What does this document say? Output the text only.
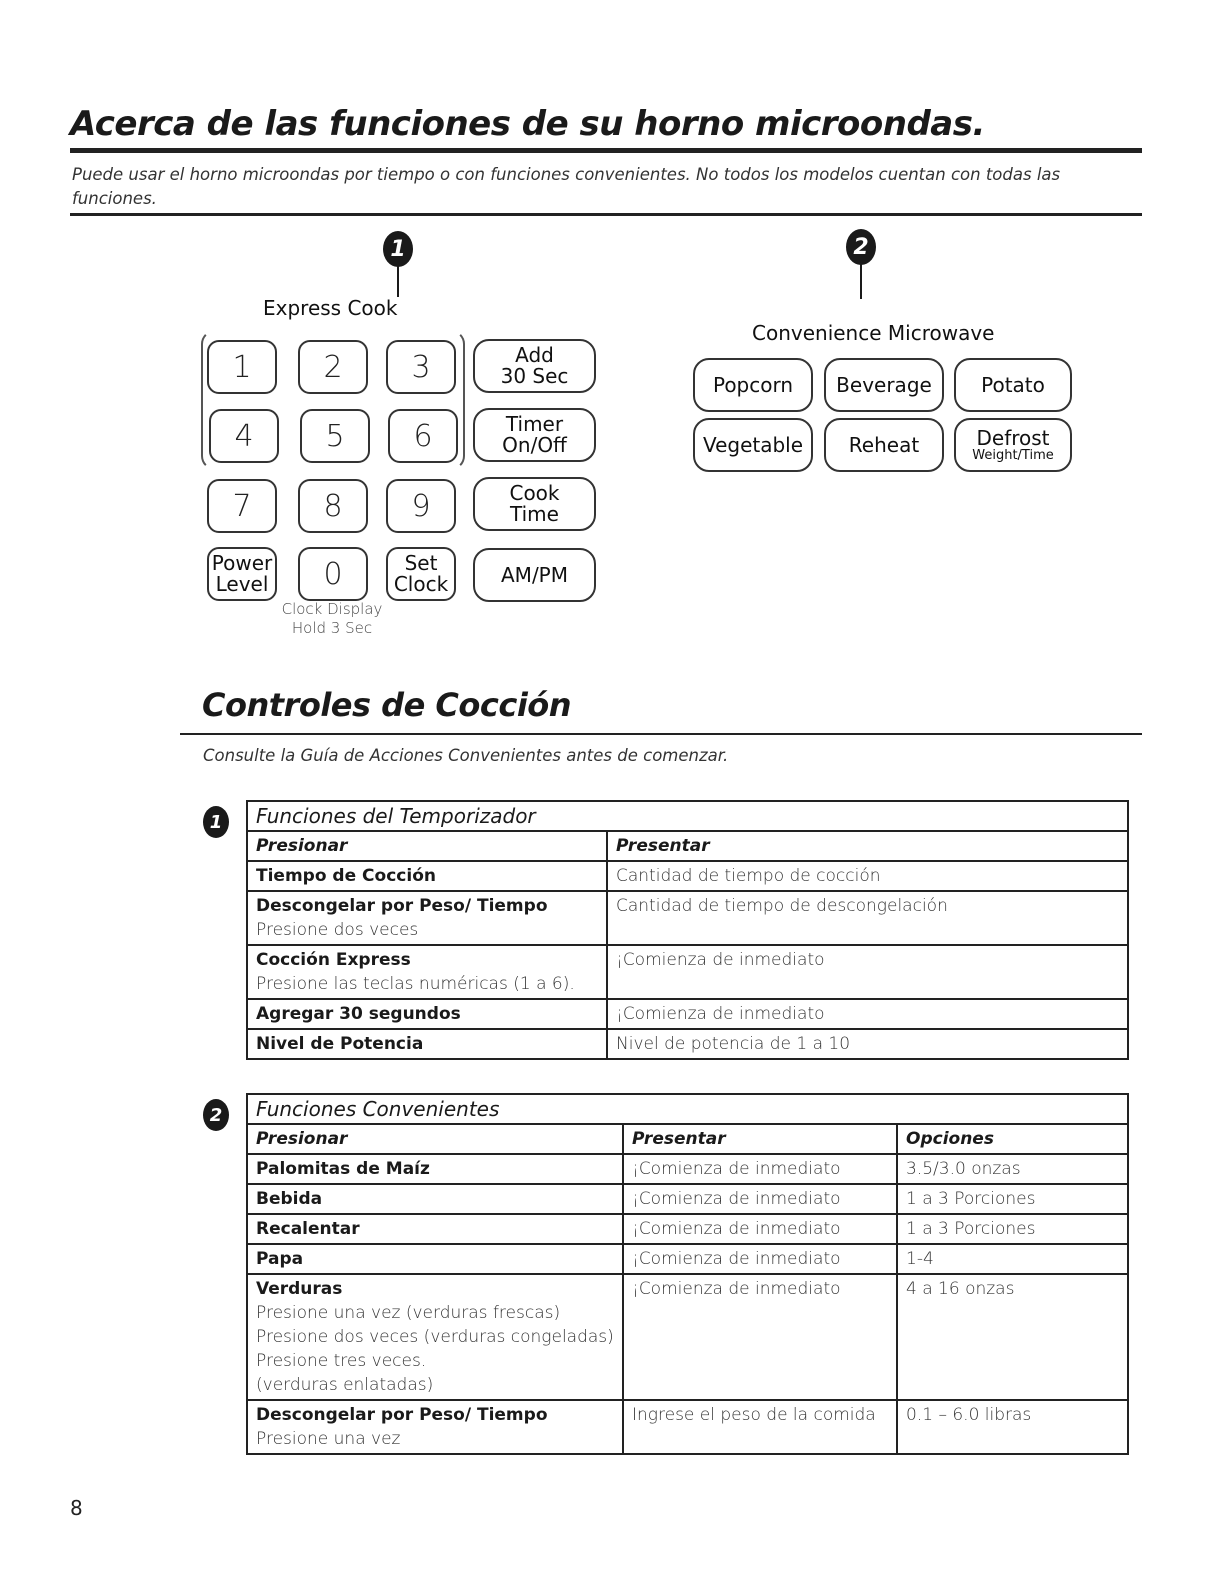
Acerca de las funciones de su horno microondas.
Puede usar el horno microondas por tiempo o con funciones convenientes. No todos los modelos cuentan con todas las funciones.
1
Express Cook
1	2	3
4	5	6
7	8	9
Power
Level	0	Set
Clock
Add
30 Sec
Timer
On/Off
Cook
Time
AM/PM
Clock Display
Hold 3 Sec
2
Convenience Microwave
Popcorn	Beverage	Potato
Vegetable	Reheat	Defrost
Weight/Time
Controles de Cocción
Consulte la Guía de Acciones Convenientes antes de comenzar.
1	Funciones del Temporizador	
Presionar	Presentar

Tiempo de Cocción	Cantidad de tiempo de cocción

Descongelar por Peso/ Tiempo
Presione dos veces	Cantidad de tiempo de descongelación

Cocción Express
Presione las teclas numéricas (1 a 6).	¡Comienza de inmediato

Agregar 30 segundos	¡Comienza de inmediato

Nivel de Potencia	Nivel de potencia de 1 a 10
2	Funciones Convenientes		
Presionar	Presentar	Opciones

Palomitas de Maíz	¡Comienza de inmediato	3.5/3.0 onzas

Bebida	¡Comienza de inmediato	1 a 3 Porciones

Recalentar	¡Comienza de inmediato	1 a 3 Porciones

Papa	¡Comienza de inmediato	1-4

Verduras
Presione una vez (verduras frescas)
Presione dos veces (verduras congeladas)
Presione tres veces.
(verduras enlatadas)	¡Comienza de inmediato	4 a 16 onzas

Descongelar por Peso/ Tiempo
Presione una vez	Ingrese el peso de la comida	0.1 – 6.0 libras
8
